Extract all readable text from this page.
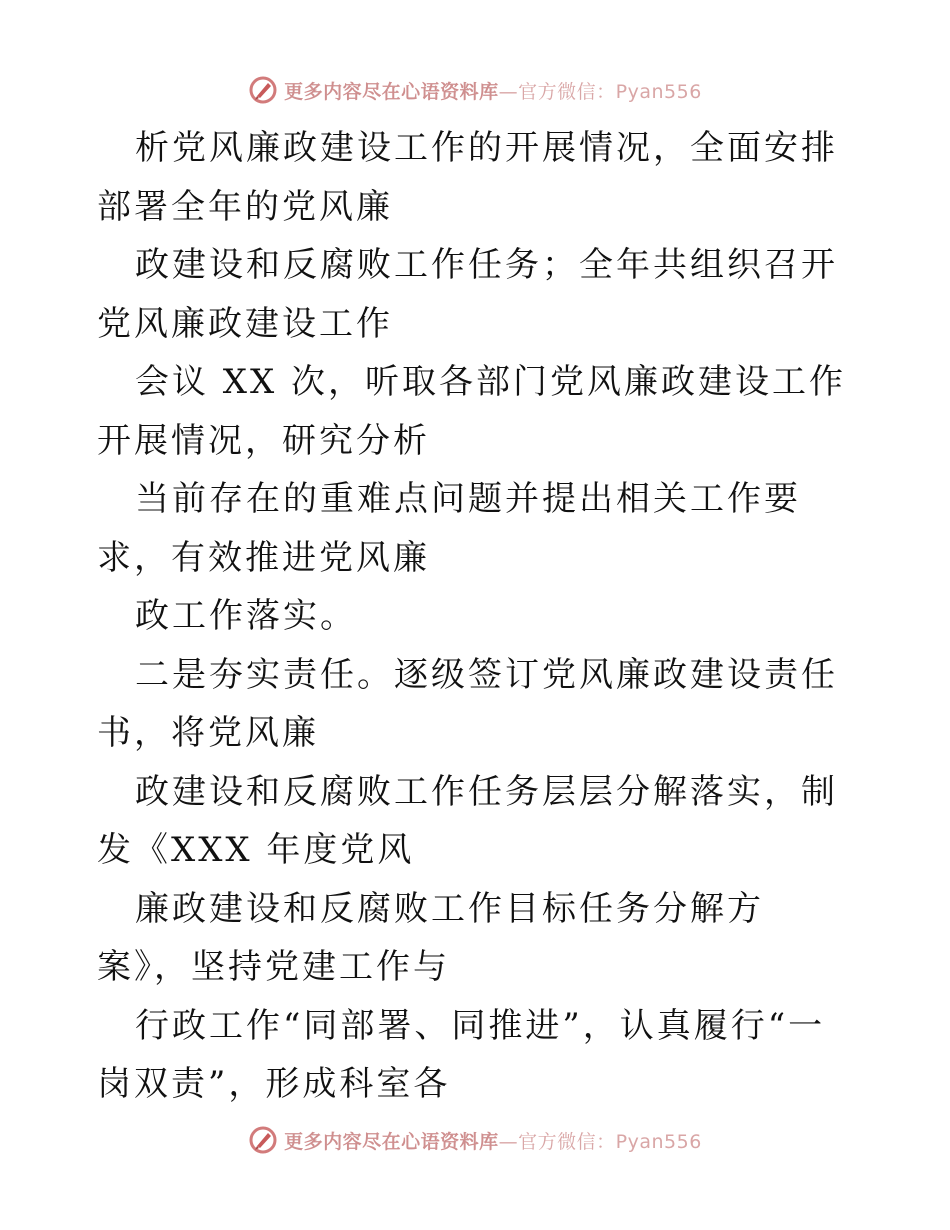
更多内容尽在心语资料库—官方微信：Pyan556

析党风廉政建设工作的开展情况，全面安排部署全年的党风廉

政建设和反腐败工作任务；全年共组织召开党风廉政建设工作

会议 XX 次，听取各部门党风廉政建设工作开展情况，研究分析

当前存在的重难点问题并提出相关工作要求，有效推进党风廉

政工作落实。

二是夯实责任。逐级签订党风廉政建设责任书，将党风廉

政建设和反腐败工作任务层层分解落实，制发《XXX 年度党风

廉政建设和反腐败工作目标任务分解方案》，坚持党建工作与

行政工作“同部署、同推进”，认真履行“一岗双责”，形成科室各

更多内容尽在心语资料库—官方微信：Pyan556
